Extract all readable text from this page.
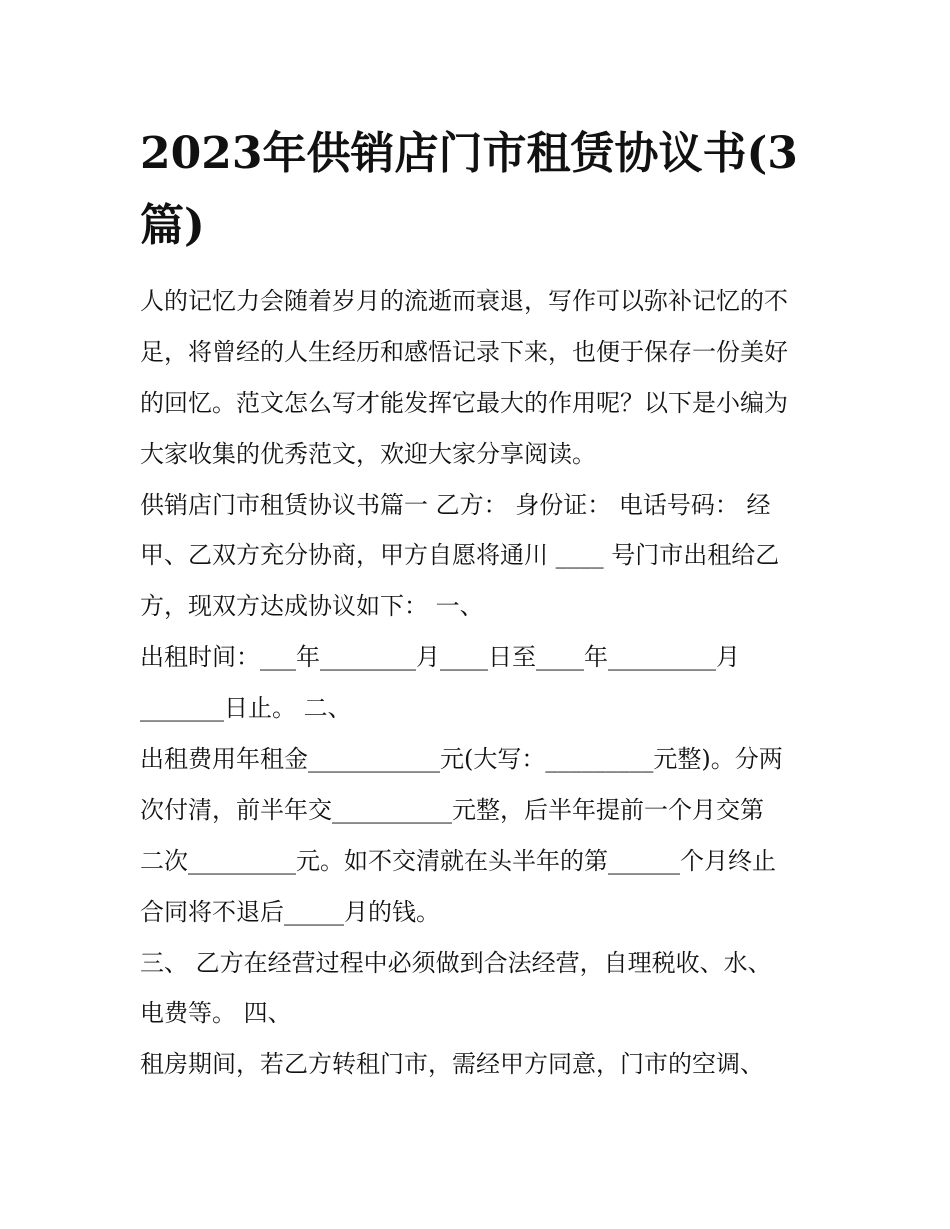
2023年供销店门市租赁协议书(3篇)
人的记忆力会随着岁月的流逝而衰退，写作可以弥补记忆的不
足，将曾经的人生经历和感悟记录下来，也便于保存一份美好
的回忆。范文怎么写才能发挥它最大的作用呢？以下是小编为
大家收集的优秀范文，欢迎大家分享阅读。
供销店门市租赁协议书篇一 乙方： 身份证： 电话号码： 经
甲、乙双方充分协商，甲方自愿将通川 ____ 号门市出租给乙
方，现双方达成协议如下： 一、
出租时间：___年________月____日至____年_________月
_______日止。 二、
出租费用年租金___________元(大写：_________元整)。分两
次付清，前半年交__________元整，后半年提前一个月交第
二次_________元。如不交清就在头半年的第______个月终止
合同将不退后_____月的钱。
三、 乙方在经营过程中必须做到合法经营，自理税收、水、
电费等。 四、
租房期间，若乙方转租门市，需经甲方同意，门市的空调、
